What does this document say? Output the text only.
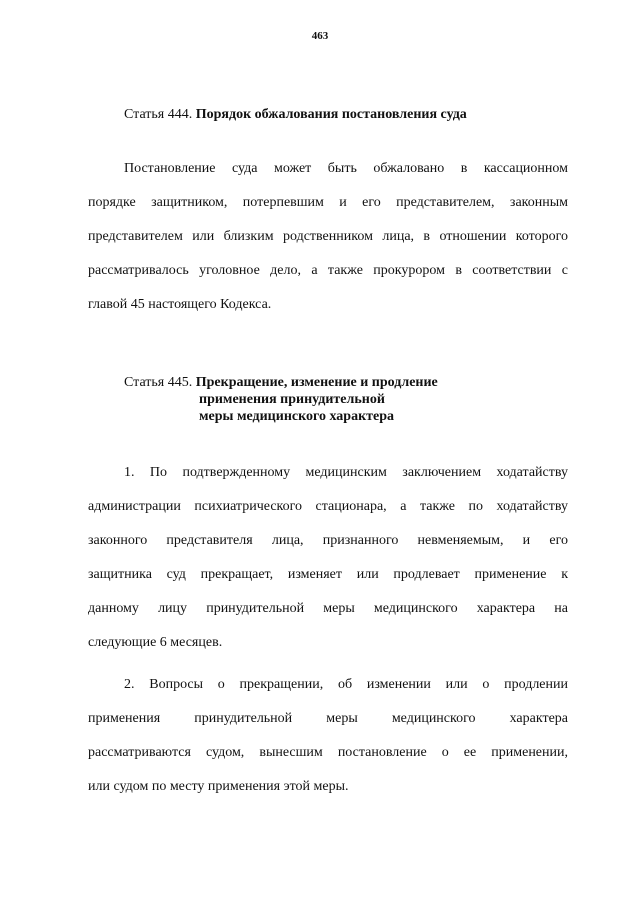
463

Статья 444. Порядок обжалования постановления суда

Постановление суда может быть обжаловано в кассационном
порядке защитником, потерпевшим и его представителем, законным
представителем или близким родственником лица, в отношении которого
рассматривалось уголовное дело, а также прокурором в соответствии с
главой 45 настоящего Кодекса.

Статья 445. Прекращение, изменение и продление
применения принудительной
меры медицинского характера

1. По подтвержденному медицинским заключением ходатайству
администрации психиатрического стационара, а также по ходатайству
законного представителя лица, признанного невменяемым, и его
защитника суд прекращает, изменяет или продлевает применение к
данному лицу принудительной меры медицинского характера на
следующие 6 месяцев.

2. Вопросы о прекращении, об изменении или о продлении
применения принудительной меры медицинского характера
рассматриваются судом, вынесшим постановление о ее применении,
или судом по месту применения этой меры.
